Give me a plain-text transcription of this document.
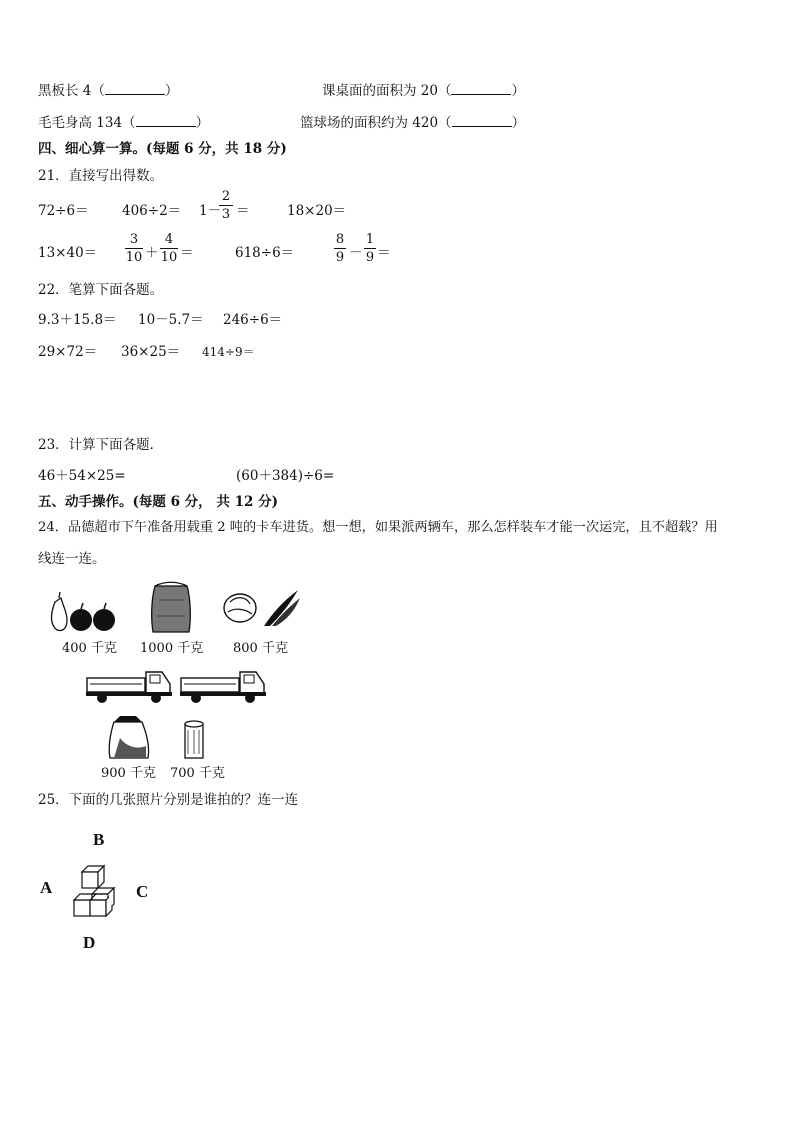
黑板长 4（	）	课桌面的面积为 20（	）
毛毛身高 134（	）	篮球场的面积约为 420（	）
四、细心算一算。(每题 6 分，共 18 分)
21．直接写出得数。
72÷6＝ 406÷2＝ 1－
2
3 ＝	18×20＝
13×40＝
3
10 ＋
4
10 ＝	618÷6＝
8
9 －
1
9 ＝
22．笔算下面各题。
9.3＋15.8＝ 10－5.7＝ 246÷6＝
29×72＝ 36×25＝ 414÷9＝
23．计算下面各题．
46＋54×25=	(60＋384)÷6=
五、动手操作。(每题 6 分， 共 12 分)
24．品德超市下午准备用载重 2 吨的卡车进货。想一想，如果派两辆车，那么怎样装车才能一次运完，且不超载？用
线连一连。
400 千克 1000 千克 800 千克
900 千克 700 千克
25．下面的几张照片分别是谁拍的？连一连
B
A	C
D
